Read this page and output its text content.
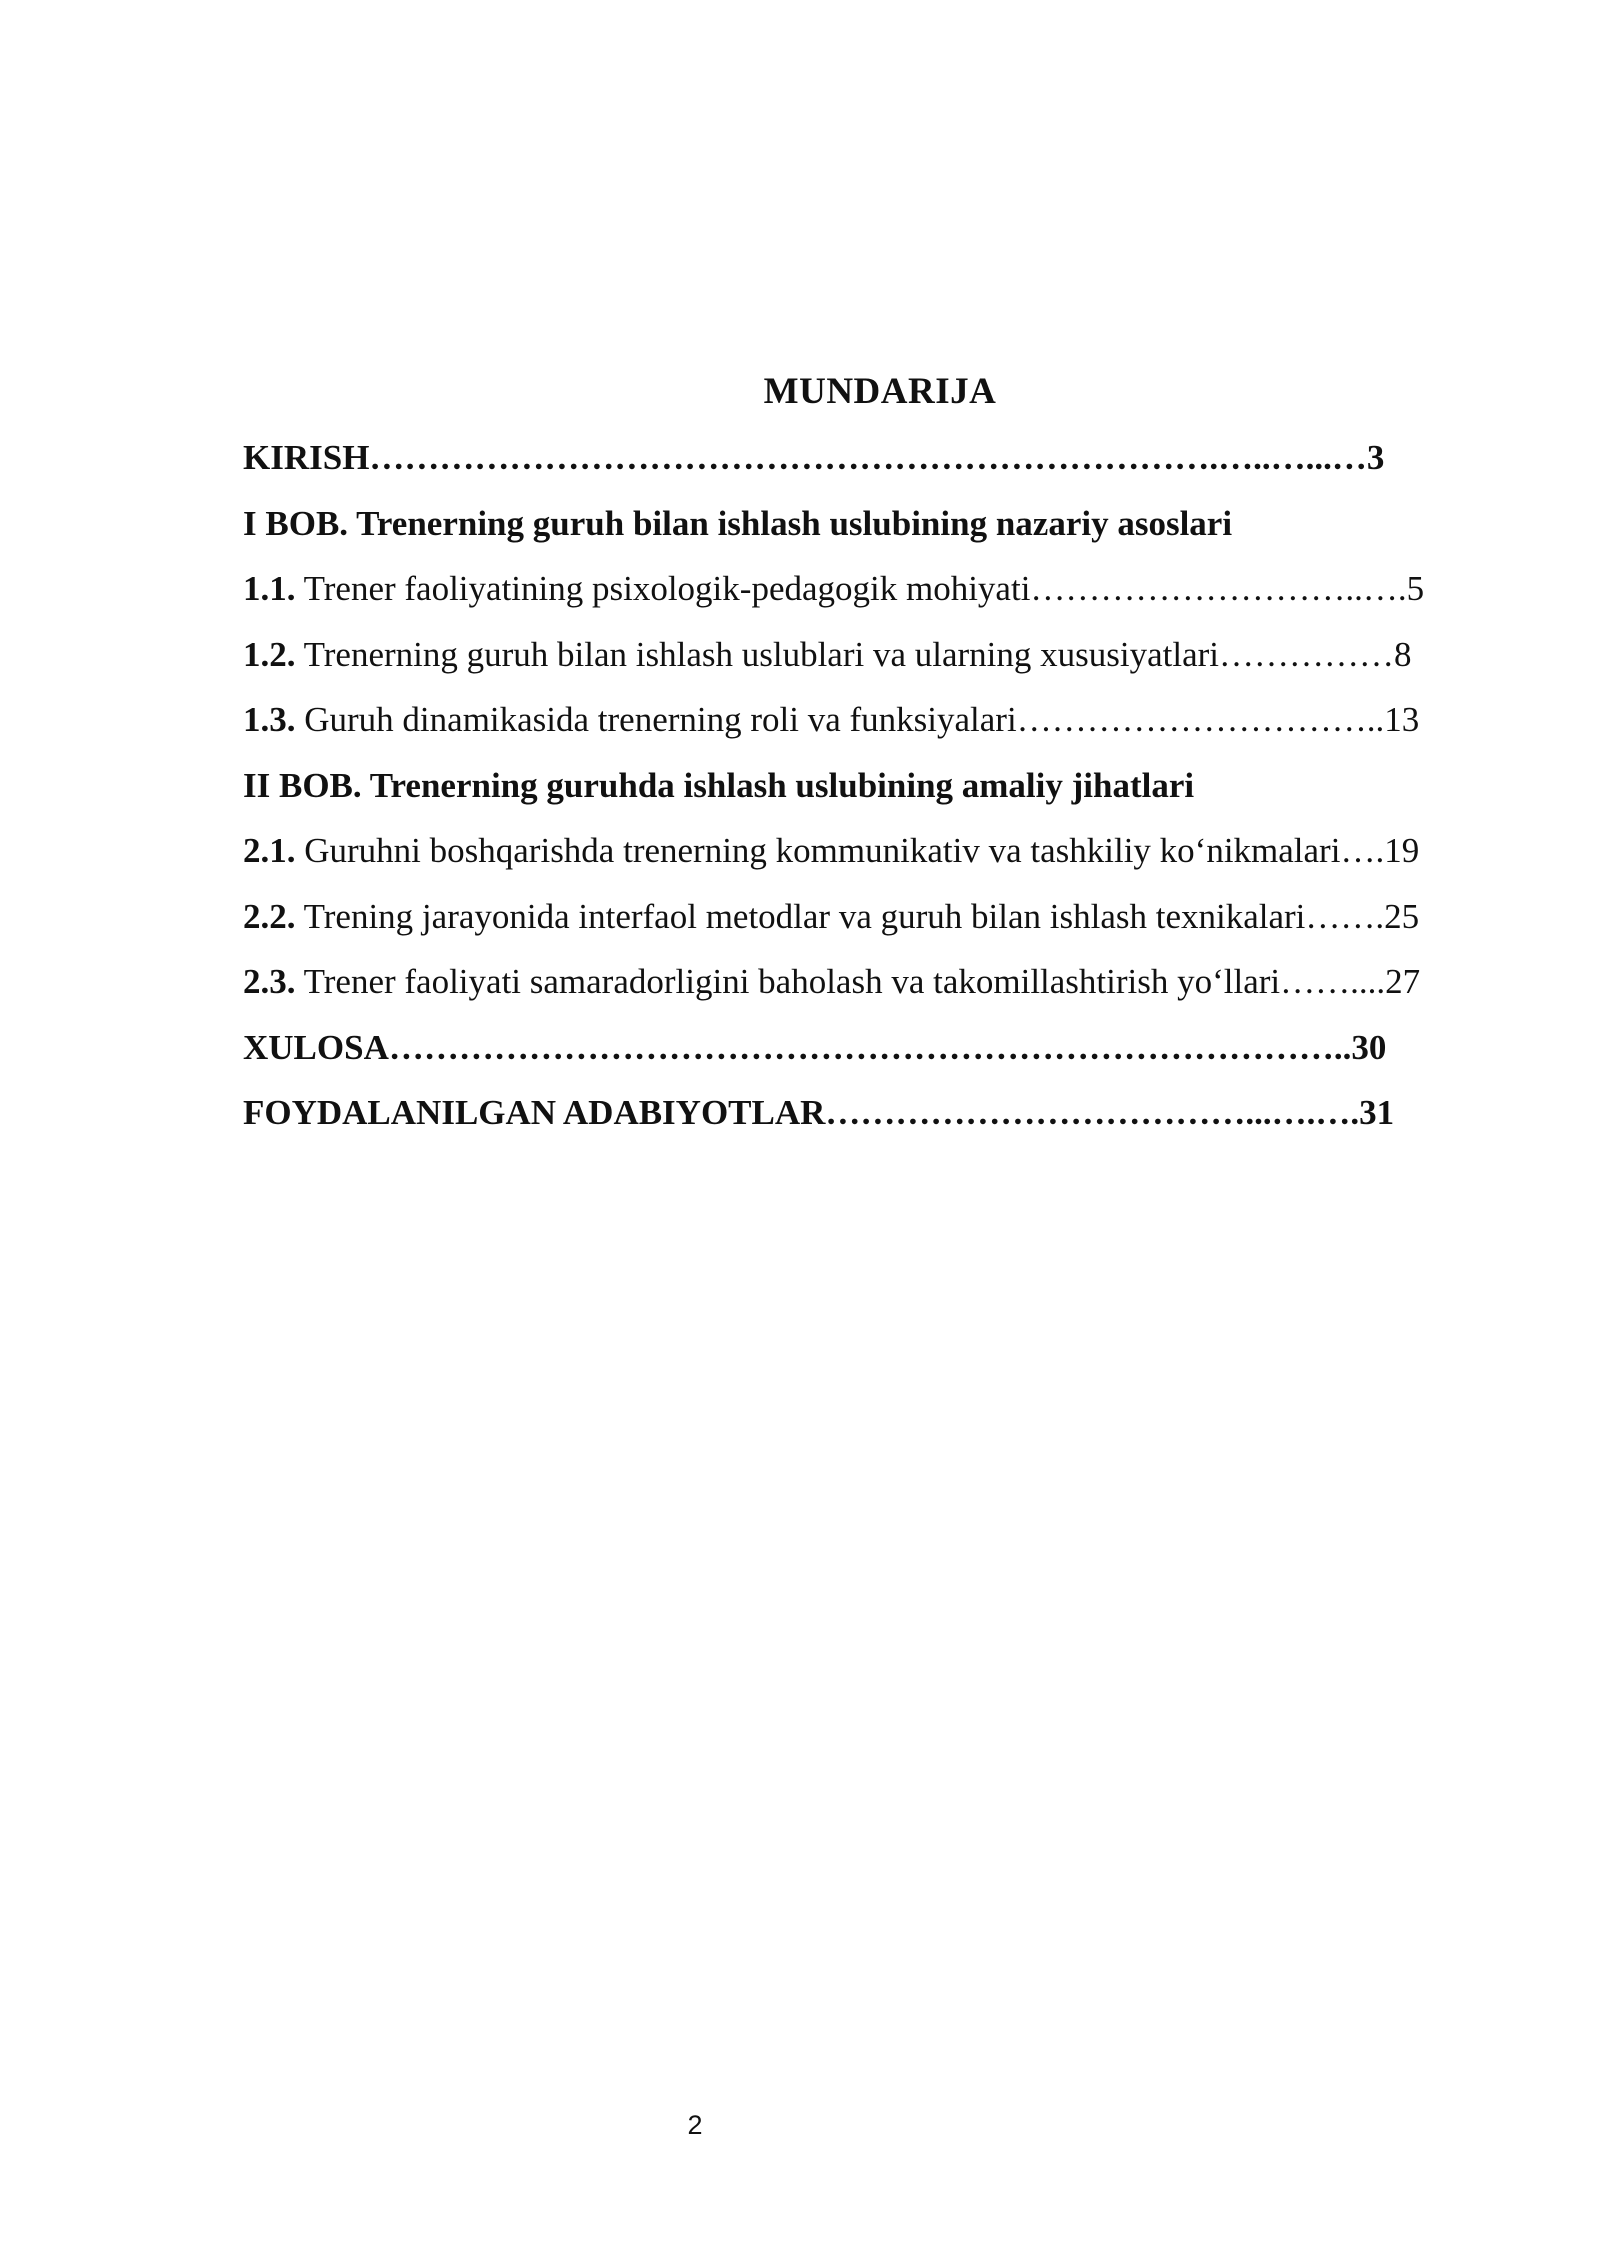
MUNDARIJA
KIRISH……………………………………………………………….…..…...…3
I BOB. Trenerning guruh bilan ishlash uslubining nazariy asoslari
1.1. Trener faoliyatining psixologik-pedagogik mohiyati………………………..….5
1.2. Trenerning guruh bilan ishlash uslublari va ularning xususiyatlari……………8
1.3. Guruh dinamikasida trenerning roli va funksiyalari…………………………..13
II BOB. Trenerning guruhda ishlash uslubining amaliy jihatlari
2.1. Guruhni boshqarishda trenerning kommunikativ va tashkiliy ko‘nikmalari….19
2.2. Trening jarayonida interfaol metodlar va guruh bilan ishlash texnikalari…….25
2.3. Trener faoliyati samaradorligini baholash va takomillashtirish yo‘llari……....27
XULOSA………………………………………………………………………..30
FOYDALANILGAN ADABIYOTLAR………………………………...….….31
2
